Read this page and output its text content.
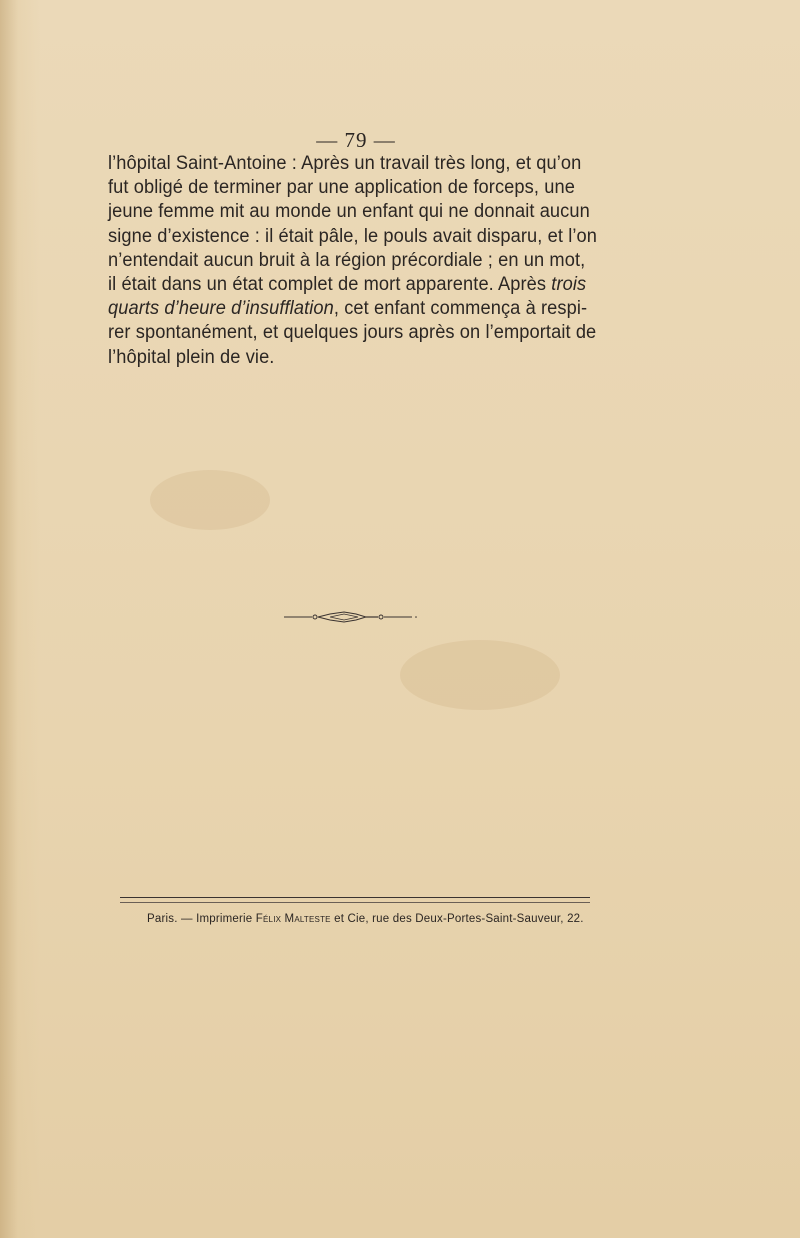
— 79 —
l’hôpital Saint-Antoine : Après un travail très long, et qu’on
fut obligé de terminer par une application de forceps, une
jeune femme mit au monde un enfant qui ne donnait aucun
signe d’existence : il était pâle, le pouls avait disparu, et l’on
n’entendait aucun bruit à la région précordiale ; en un mot,
il était dans un état complet de mort apparente. Après trois
quarts d’heure d’insufflation, cet enfant commença à respi-
rer spontanément, et quelques jours après on l’emportait de
l’hôpital plein de vie.
Paris. — Imprimerie Félix Malteste et Cie, rue des Deux-Portes-Saint-Sauveur, 22.
